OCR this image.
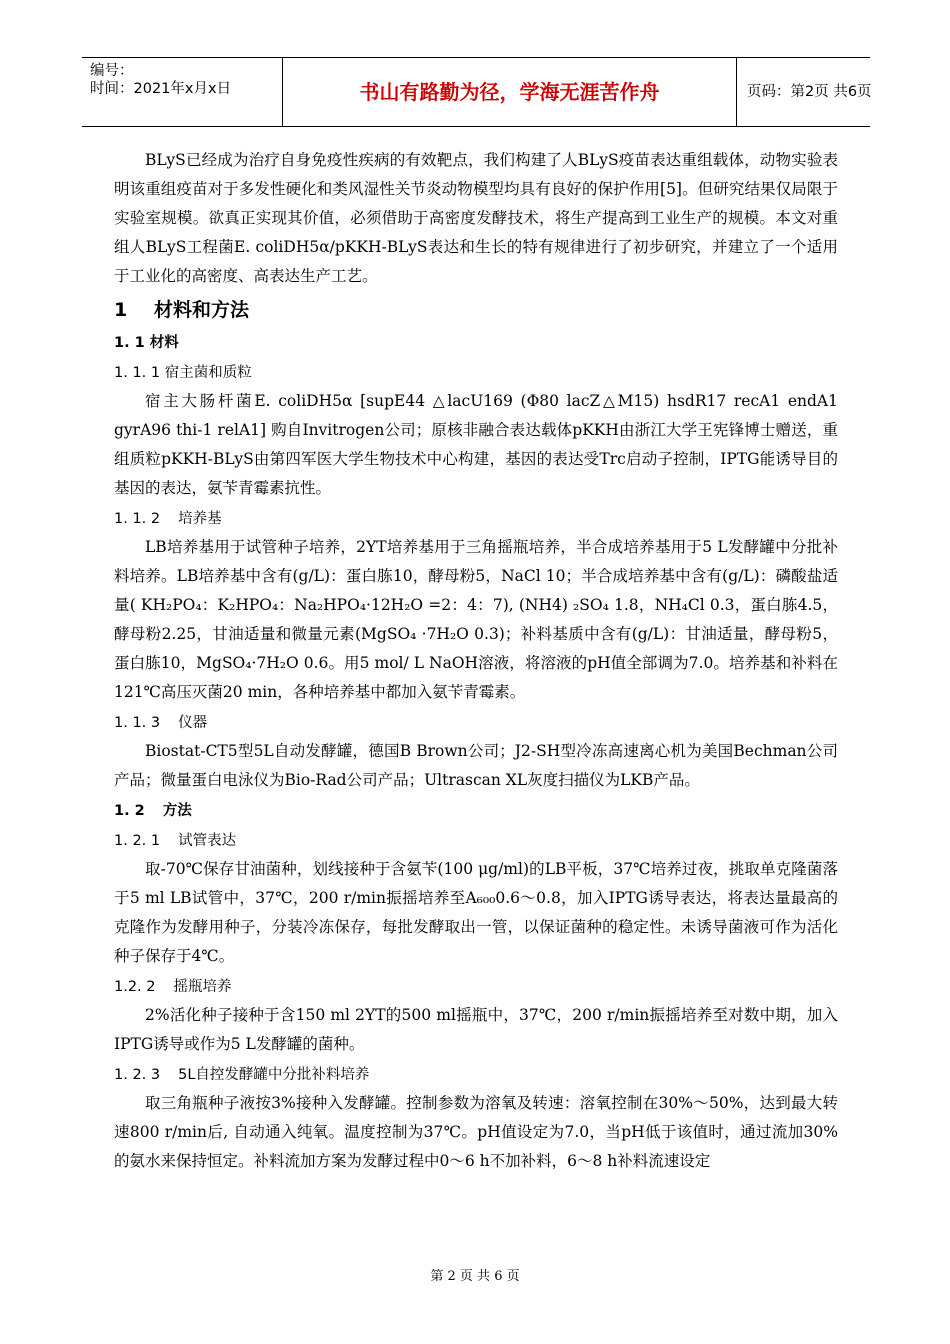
编号：
时间：2021年x月x日	书山有路勤为径，学海无涯苦作舟	页码：第2页 共6页

BLyS已经成为治疗自身免疫性疾病的有效靶点，我们构建了人BLyS疫苗表达重组载体，动物实验表明该重组疫苗对于多发性硬化和类风湿性关节炎动物模型均具有良好的保护作用[5]。但研究结果仅局限于实验室规模。欲真正实现其价值，必须借助于高密度发酵技术，将生产提高到工业生产的规模。本文对重组人BLyS工程菌E. coliDH5α/pKKH-BLyS表达和生长的特有规律进行了初步研究，并建立了一个适用于工业化的高密度、高表达生产工艺。

1 材料和方法
1. 1 材料
1. 1. 1 宿主菌和质粒

宿主大肠杆菌E. coliDH5α [supE44 △lacU169 (Φ80 lacZ△M15) hsdR17 recA1 endA1 gyrA96 thi-1 relA1] 购自Invitrogen公司；原核非融合表达载体pKKH由浙江大学王宪锋博士赠送，重组质粒pKKH-BLyS由第四军医大学生物技术中心构建，基因的表达受Trc启动子控制，IPTG能诱导目的基因的表达，氨苄青霉素抗性。

1. 1. 2 培养基

LB培养基用于试管种子培养，2YT培养基用于三角摇瓶培养，半合成培养基用于5 L发酵罐中分批补料培养。LB培养基中含有(g/L)：蛋白胨10，酵母粉5，NaCl 10；半合成培养基中含有(g/L)：磷酸盐适量( KH₂PO₄：K₂HPO₄：Na₂HPO₄·12H₂O =2：4：7), (NH4) ₂SO₄ 1.8，NH₄Cl 0.3，蛋白胨4.5，酵母粉2.25，甘油适量和微量元素(MgSO₄ ·7H₂O 0.3)；补料基质中含有(g/L)：甘油适量，酵母粉5，蛋白胨10，MgSO₄·7H₂O 0.6。用5 mol/ L NaOH溶液，将溶液的pH值全部调为7.0。培养基和补料在121℃高压灭菌20 min，各种培养基中都加入氨苄青霉素。

1. 1. 3 仪器

Biostat-CT5型5L自动发酵罐，德国B Brown公司；J2-SH型冷冻高速离心机为美国Bechman公司产品；微量蛋白电泳仪为Bio-Rad公司产品；Ultrascan XL灰度扫描仪为LKB产品。

1. 2 方法
1. 2. 1 试管表达

取-70℃保存甘油菌种，划线接种于含氨苄(100 μg/ml)的LB平板，37℃培养过夜，挑取单克隆菌落于5 ml LB试管中，37℃，200 r/min振摇培养至A₆₀₀0.6～0.8，加入IPTG诱导表达，将表达量最高的克隆作为发酵用种子，分装冷冻保存，每批发酵取出一管，以保证菌种的稳定性。未诱导菌液可作为活化种子保存于4℃。

1.2. 2 摇瓶培养

2%活化种子接种于含150 ml 2YT的500 ml摇瓶中，37℃，200 r/min振摇培养至对数中期，加入IPTG诱导或作为5 L发酵罐的菌种。

1. 2. 3 5L自控发酵罐中分批补料培养

取三角瓶种子液按3%接种入发酵罐。控制参数为溶氧及转速：溶氧控制在30%～50%，达到最大转速800 r/min后, 自动通入纯氧。温度控制为37℃。pH值设定为7.0，当pH低于该值时，通过流加30%的氨水来保持恒定。补料流加方案为发酵过程中0～6 h不加补料，6～8 h补料流速设定

第 2 页 共 6 页
